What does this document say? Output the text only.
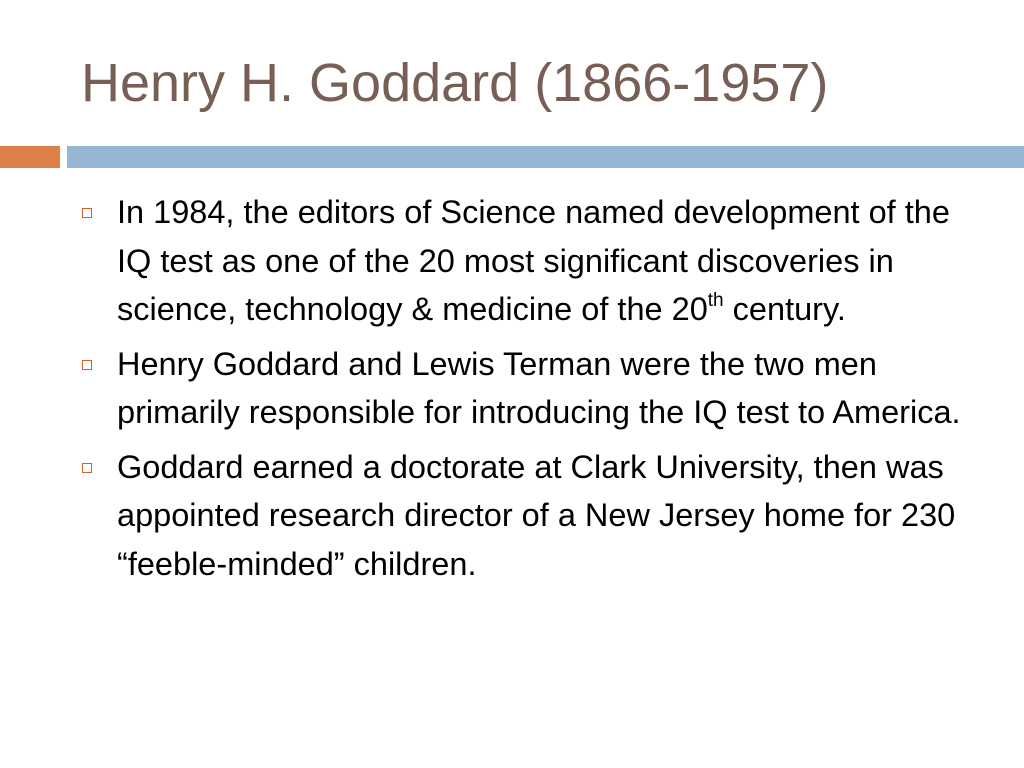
Henry H. Goddard (1866-1957)
In 1984, the editors of Science named development of the IQ test as one of the 20 most significant discoveries in science, technology & medicine of the 20th century.
Henry Goddard and Lewis Terman were the two men primarily responsible for introducing the IQ test to America.
Goddard earned a doctorate at Clark University, then was appointed research director of a New Jersey home for 230 “feeble-minded” children.
